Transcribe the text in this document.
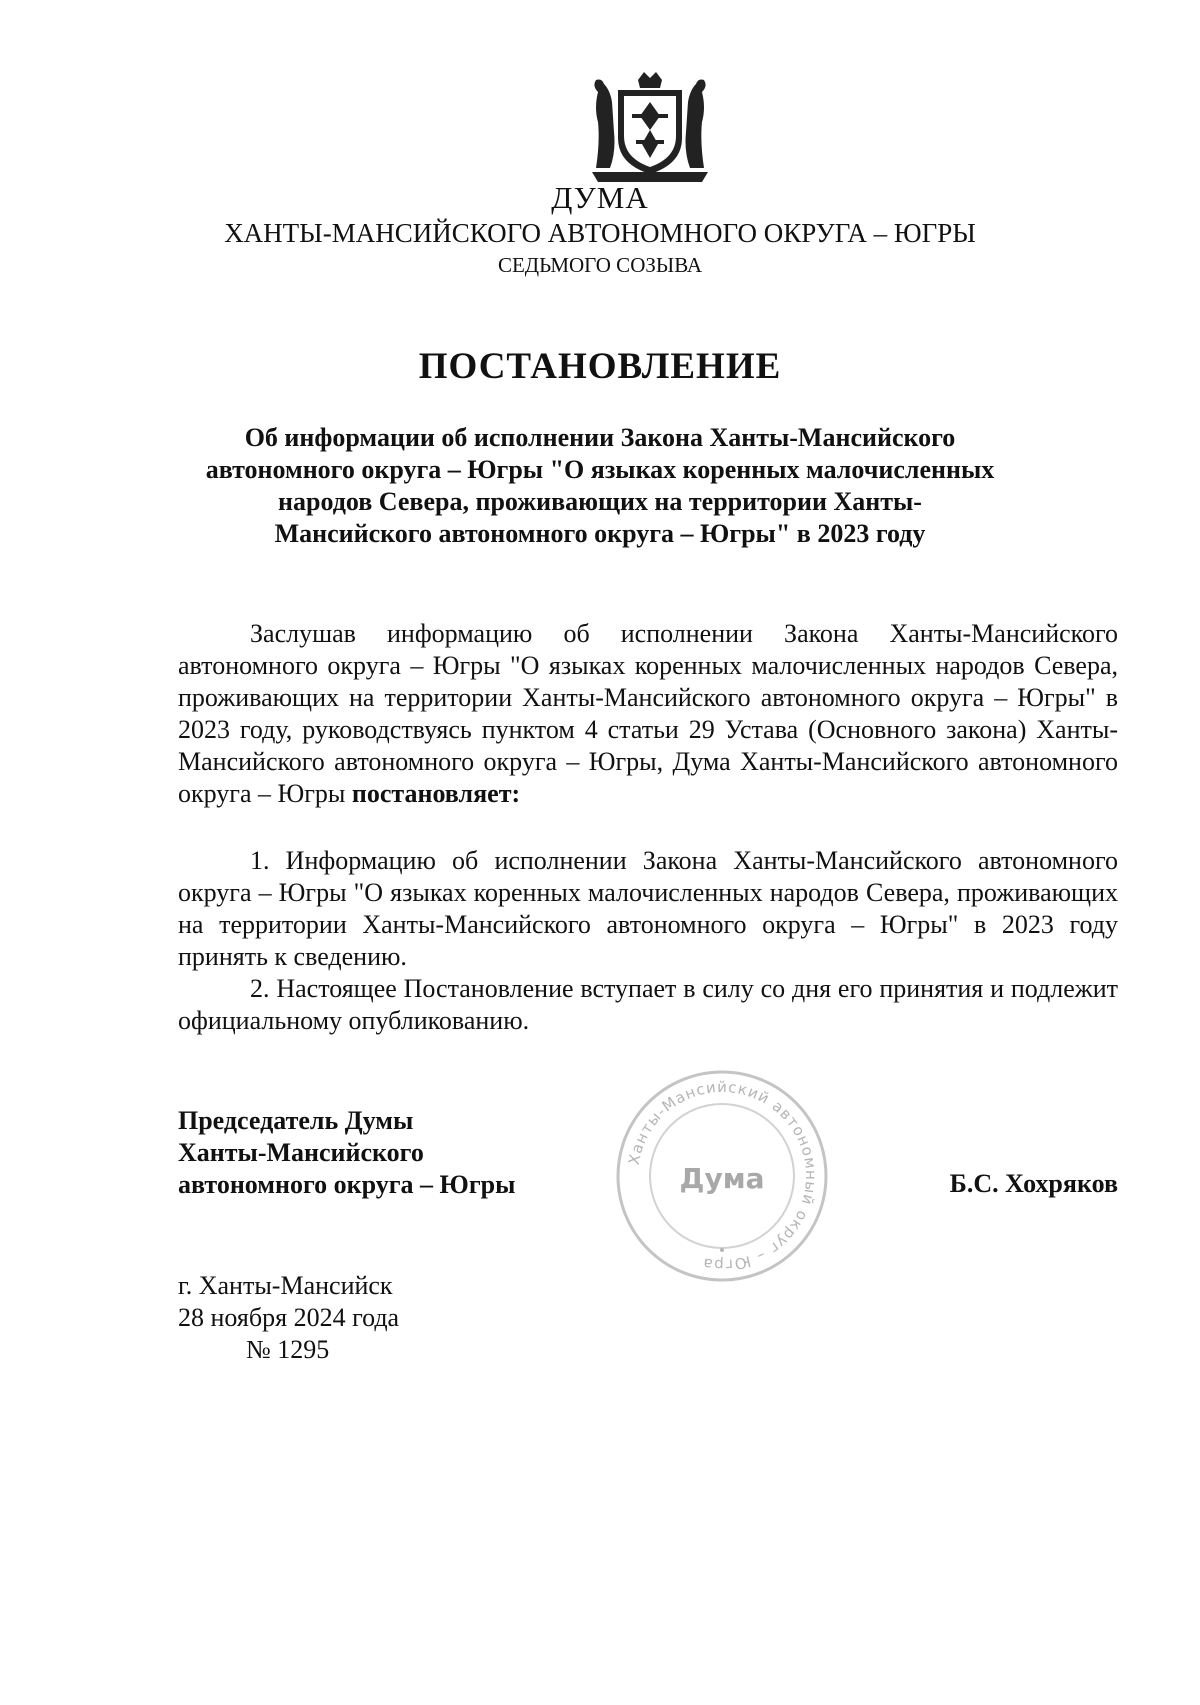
ДУМА
ХАНТЫ-МАНСИЙСКОГО АВТОНОМНОГО ОКРУГА – ЮГРЫ
СЕДЬМОГО СОЗЫВА
ПОСТАНОВЛЕНИЕ
Об информации об исполнении Закона Ханты-Мансийского автономного округа – Югры "О языках коренных малочисленных народов Севера, проживающих на территории Ханты-Мансийского автономного округа – Югры" в 2023 году
Заслушав информацию об исполнении Закона Ханты-Мансийского автономного округа – Югры "О языках коренных малочисленных народов Севера, проживающих на территории Ханты-Мансийского автономного округа – Югры" в 2023 году, руководствуясь пунктом 4 статьи 29 Устава (Основного закона) Ханты-Мансийского автономного округа – Югры, Дума Ханты-Мансийского автономного округа – Югры постановляет:
1. Информацию об исполнении Закона Ханты-Мансийского автономного округа – Югры "О языках коренных малочисленных народов Севера, проживающих на территории Ханты-Мансийского автономного округа – Югры" в 2023 году принять к сведению.
2. Настоящее Постановление вступает в силу со дня его принятия и подлежит официальному опубликованию.
Председатель Думы
Ханты-Мансийского
автономного округа – Югры
Ханты-Мансийский автономный округ – Югра
Дума	Б.С. Хохряков
г. Ханты-Мансийск
28 ноября 2024 года
№ 1295
